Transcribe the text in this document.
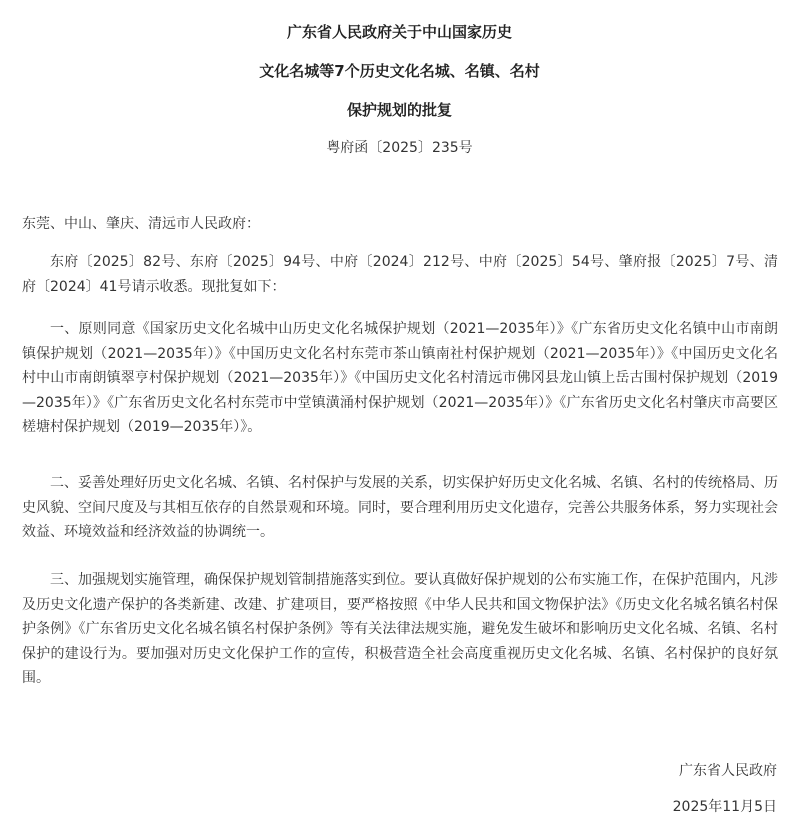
广东省人民政府关于中山国家历史
文化名城等7个历史文化名城、名镇、名村
保护规划的批复
粤府函〔2025〕235号
东莞、中山、肇庆、清远市人民政府：
东府〔2025〕82号、东府〔2025〕94号、中府〔2024〕212号、中府〔2025〕54号、肇府报〔2025〕7号、清府〔2024〕41号请示收悉。现批复如下：
一、原则同意《国家历史文化名城中山历史文化名城保护规划（2021—2035年）》《广东省历史文化名镇中山市南朗镇保护规划（2021—2035年）》《中国历史文化名村东莞市茶山镇南社村保护规划（2021—2035年）》《中国历史文化名村中山市南朗镇翠亨村保护规划（2021—2035年）》《中国历史文化名村清远市佛冈县龙山镇上岳古围村保护规划（2019—2035年）》《广东省历史文化名村东莞市中堂镇潢涌村保护规划（2021—2035年）》《广东省历史文化名村肇庆市高要区槎塘村保护规划（2019—2035年）》。
二、妥善处理好历史文化名城、名镇、名村保护与发展的关系，切实保护好历史文化名城、名镇、名村的传统格局、历史风貌、空间尺度及与其相互依存的自然景观和环境。同时，要合理利用历史文化遗存，完善公共服务体系，努力实现社会效益、环境效益和经济效益的协调统一。
三、加强规划实施管理，确保保护规划管制措施落实到位。要认真做好保护规划的公布实施工作，在保护范围内，凡涉及历史文化遗产保护的各类新建、改建、扩建项目，要严格按照《中华人民共和国文物保护法》《历史文化名城名镇名村保护条例》《广东省历史文化名城名镇名村保护条例》等有关法律法规实施，避免发生破坏和影响历史文化名城、名镇、名村保护的建设行为。要加强对历史文化保护工作的宣传，积极营造全社会高度重视历史文化名城、名镇、名村保护的良好氛围。
广东省人民政府
2025年11月5日
